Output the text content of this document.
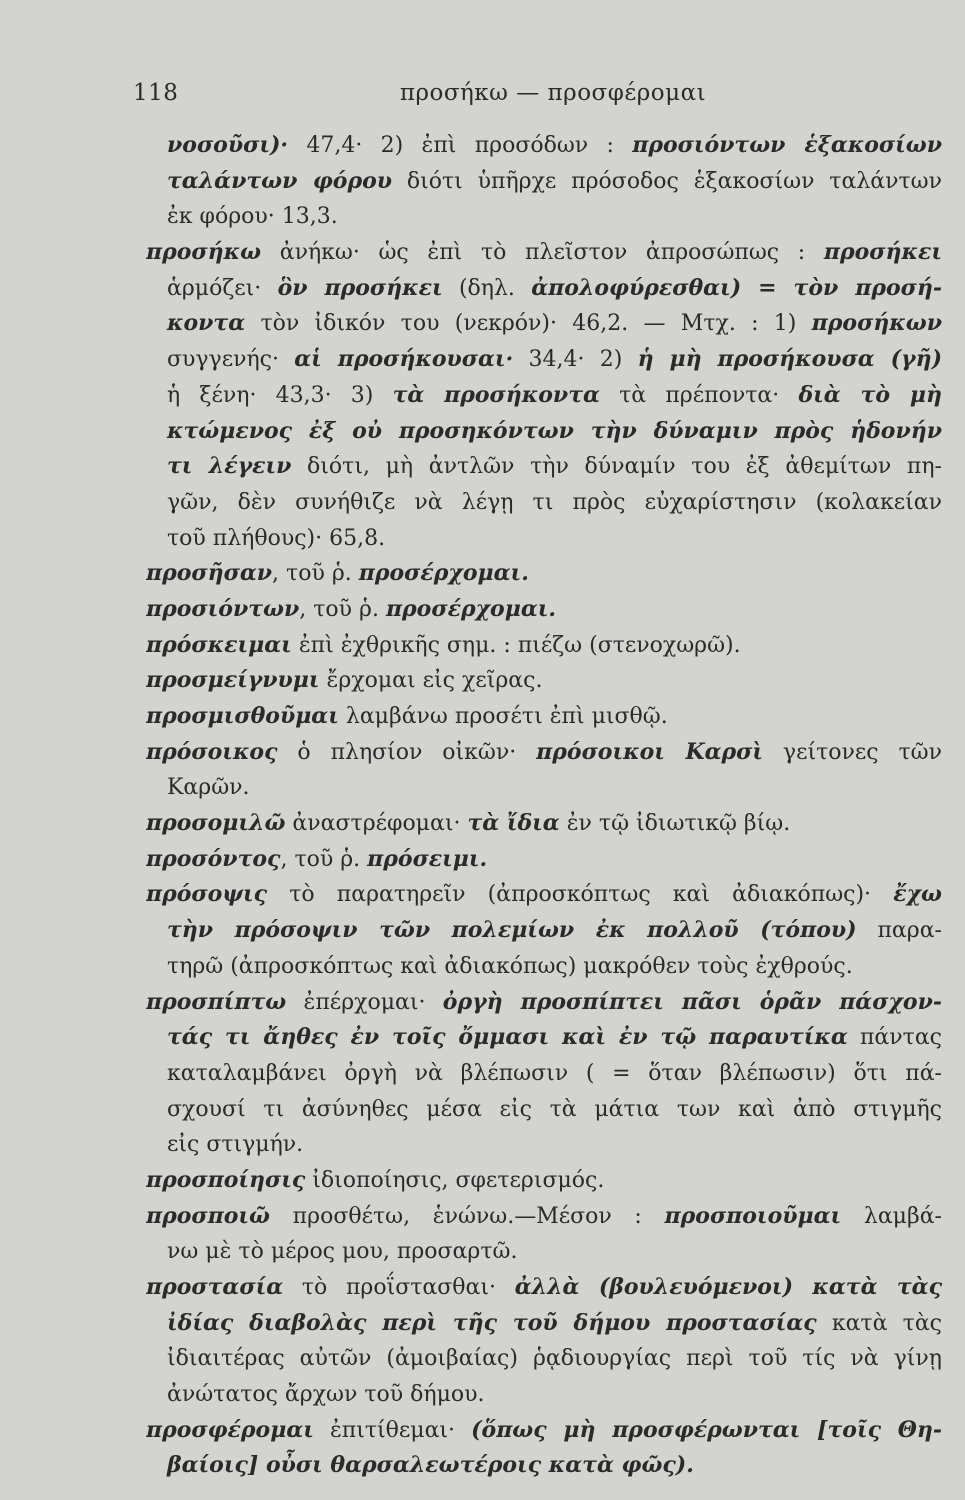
118	προσήκω — προσφέρομαι
νοσοῦσι)· 47,4· 2) ἐπὶ προσόδων : προσιόντων ἑξακοσίων
ταλάντων φόρου διότι ὑπῆρχε πρόσοδος ἑξακοσίων ταλάντων
ἐκ φόρου· 13,3.
προσήκω ἀνήκω· ὡς ἐπὶ τὸ πλεῖστον ἀπροσώπως : προσήκει
ἁρμόζει· ὃν προσήκει (δηλ. ἀπολοφύρεσθαι) = τὸν προσή-
κοντα τὸν ἰδικόν του (νεκρόν)· 46,2. — Μτχ. : 1) προσήκων
συγγενής· αἱ προσήκουσαι· 34,4· 2) ἡ μὴ προσήκουσα (γῆ)
ἡ ξένη· 43,3· 3) τὰ προσήκοντα τὰ πρέποντα· διὰ τὸ μὴ
κτώμενος ἐξ οὐ προσηκόντων τὴν δύναμιν πρὸς ἡδονήν
τι λέγειν διότι, μὴ ἀντλῶν τὴν δύναμίν του ἐξ ἀθεμίτων πη-
γῶν, δὲν συνήθιζε νὰ λέγῃ τι πρὸς εὐχαρίστησιν (κολακείαν
τοῦ πλήθους)· 65,8.
προσῆσαν, τοῦ ῥ. προσέρχομαι.
προσιόντων, τοῦ ῥ. προσέρχομαι.
πρόσκειμαι ἐπὶ ἐχθρικῆς σημ. : πιέζω (στενοχωρῶ).
προσμείγνυμι ἔρχομαι εἰς χεῖρας.
προσμισθοῦμαι λαμβάνω προσέτι ἐπὶ μισθῷ.
πρόσοικος ὁ πλησίον οἰκῶν· πρόσοικοι Καρσὶ γείτονες τῶν
Καρῶν.
προσομιλῶ ἀναστρέφομαι· τὰ ἴδια ἐν τῷ ἰδιωτικῷ βίῳ.
προσόντος, τοῦ ῥ. πρόσειμι.
πρόσοψις τὸ παρατηρεῖν (ἀπροσκόπτως καὶ ἀδιακόπως)· ἔχω
τὴν πρόσοψιν τῶν πολεμίων ἐκ πολλοῦ (τόπου) παρα-
τηρῶ (ἀπροσκόπτως καὶ ἀδιακόπως) μακρόθεν τοὺς ἐχθρούς.
προσπίπτω ἐπέρχομαι· ὀργὴ προσπίπτει πᾶσι ὁρᾶν πάσχον-
τάς τι ἄηθες ἐν τοῖς ὄμμασι καὶ ἐν τῷ παραυτίκα πάντας
καταλαμβάνει ὀργὴ νὰ βλέπωσιν ( = ὅταν βλέπωσιν) ὅτι πά-
σχουσί τι ἀσύνηθες μέσα εἰς τὰ μάτια των καὶ ἀπὸ στιγμῆς
εἰς στιγμήν.
προσποίησις ἰδιοποίησις, σφετερισμός.
προσποιῶ προσθέτω, ἑνώνω.—Μέσον : προσποιοῦμαι λαμβά-
νω μὲ τὸ μέρος μου, προσαρτῶ.
προστασία τὸ προΐστασθαι· ἀλλὰ (βουλευόμενοι) κατὰ τὰς
ἰδίας διαβολὰς περὶ τῆς τοῦ δήμου προστασίας κατὰ τὰς
ἰδιαιτέρας αὐτῶν (ἀμοιβαίας) ῥᾳδιουργίας περὶ τοῦ τίς νὰ γίνῃ
ἀνώτατος ἄρχων τοῦ δήμου.
προσφέρομαι ἐπιτίθεμαι· (ὅπως μὴ προσφέρωνται [τοῖς Θη-
βαίοις] οὖσι θαρσαλεωτέροις κατὰ φῶς).
